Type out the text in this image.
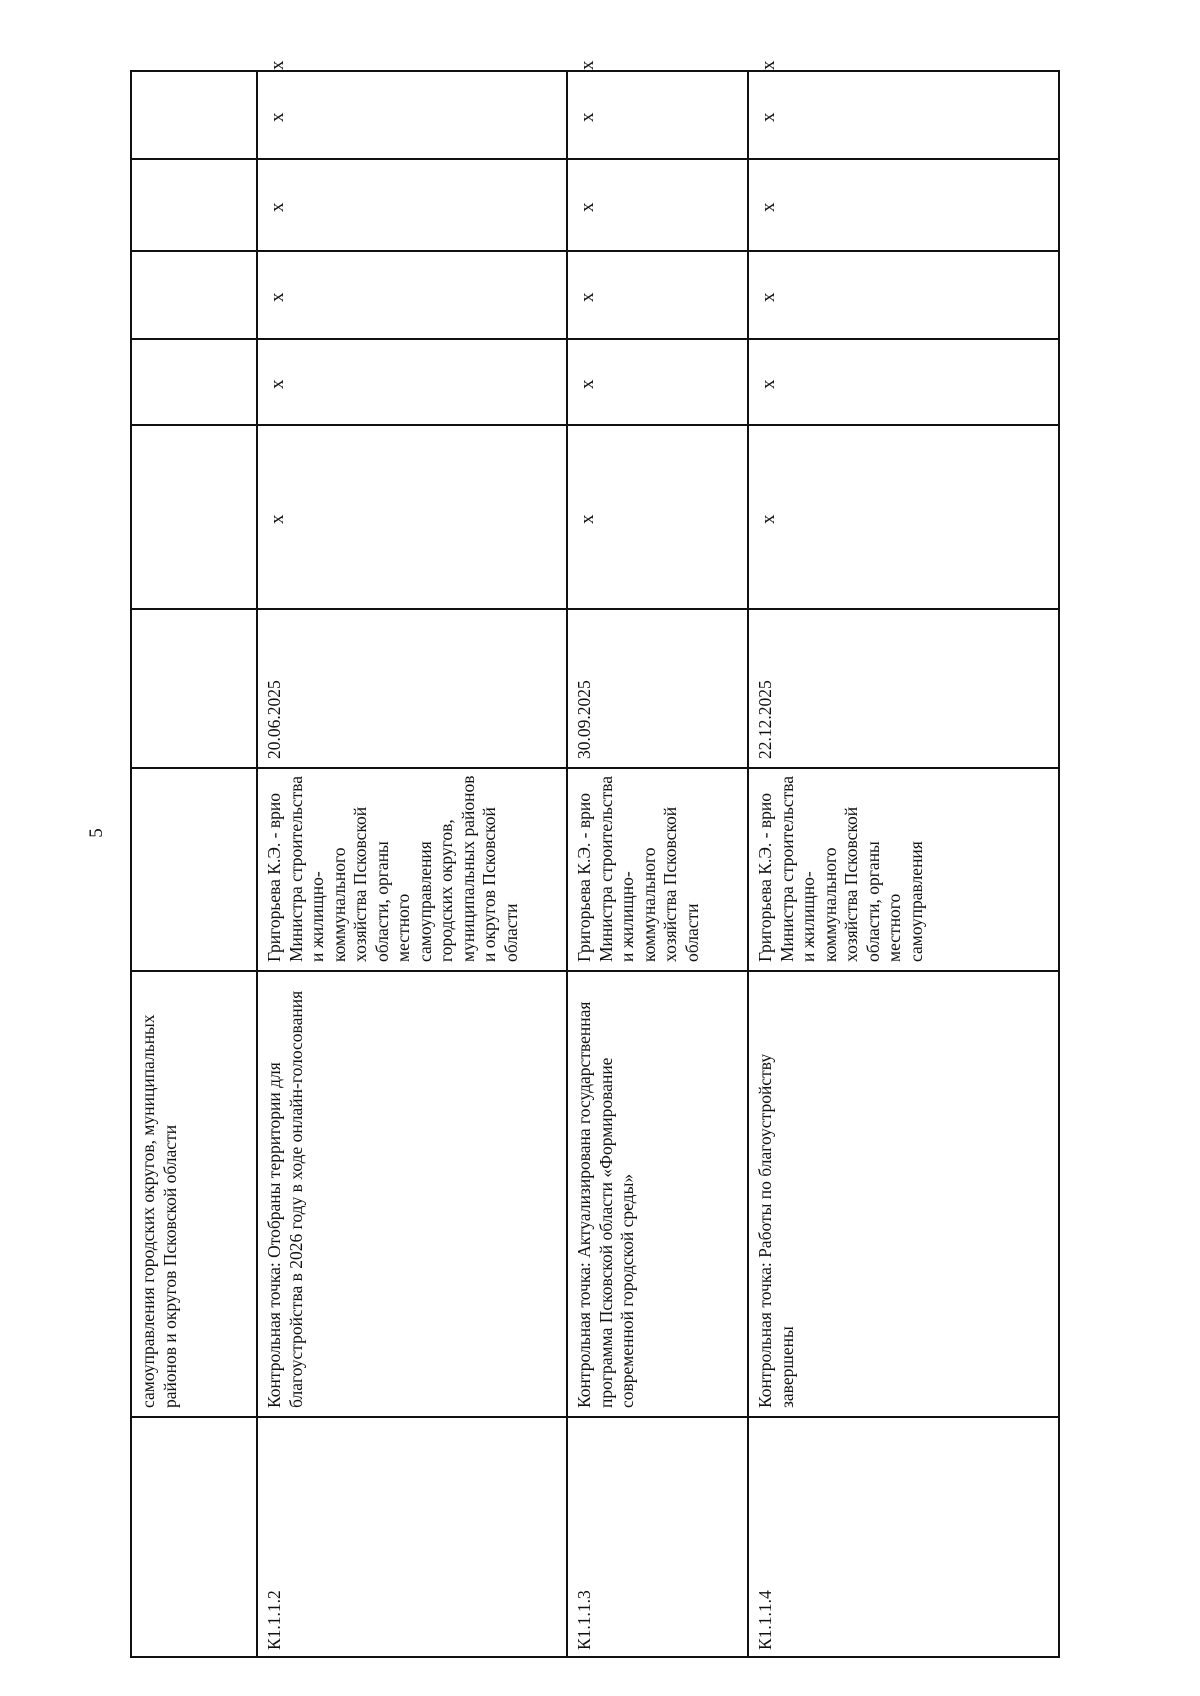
5
самоуправления городских округов, муниципальных районов и округов Псковской области
К1.1.1.2
Контрольная точка: Отобраны территории для благоустройства в 2026 году в ходе онлайн-голосования
Григорьева К.Э. - врио Министра строительства и жилищно-коммунального хозяйства Псковской области, органы местного самоуправления городских округов, муниципальных районов и округов Псковской области
20.06.2025
x
x
x
x
x
x
К1.1.1.3
Контрольная точка: Актуализирована государственная программа Псковской области «Формирование современной городской среды»
Григорьева К.Э. - врио Министра строительства и жилищно-коммунального хозяйства Псковской области
30.09.2025
x
x
x
x
x
x
К1.1.1.4
Контрольная точка: Работы по благоустройству завершены
Григорьева К.Э. - врио Министра строительства и жилищно-коммунального хозяйства Псковской области, органы местного самоуправления
22.12.2025
x
x
x
x
x
x
